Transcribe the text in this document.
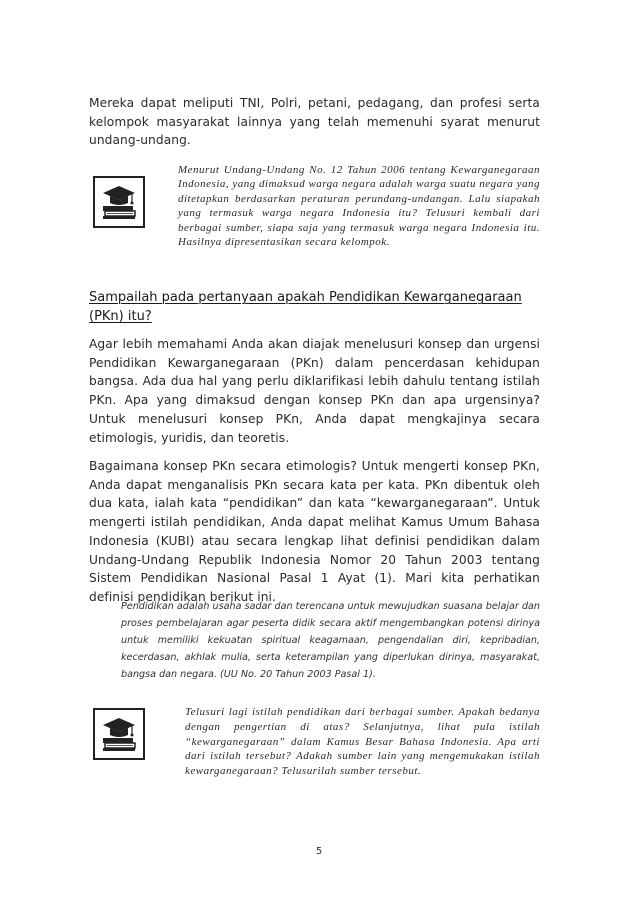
Mereka dapat meliputi TNI, Polri, petani, pedagang, dan profesi serta kelompok masyarakat lainnya yang telah memenuhi syarat menurut undang-undang.

Menurut Undang-Undang No. 12 Tahun 2006 tentang Kewarganegaraan Indonesia, yang dimaksud warga negara adalah warga suatu negara yang ditetapkan berdasarkan peraturan perundang-undangan. Lalu siapakah yang termasuk warga negara Indonesia itu? Telusuri kembali dari berbagai sumber, siapa saja yang termasuk warga negara Indonesia itu. Hasilnya dipresentasikan secara kelompok.

Sampailah pada pertanyaan apakah Pendidikan Kewarganegaraan (PKn) itu?

Agar lebih memahami Anda akan diajak menelusuri konsep dan urgensi Pendidikan Kewarganegaraan (PKn) dalam pencerdasan kehidupan bangsa. Ada dua hal yang perlu diklarifikasi lebih dahulu tentang istilah PKn. Apa yang dimaksud dengan konsep PKn dan apa urgensinya? Untuk menelusuri konsep PKn, Anda dapat mengkajinya secara etimologis, yuridis, dan teoretis.

Bagaimana konsep PKn secara etimologis? Untuk mengerti konsep PKn, Anda dapat menganalisis PKn secara kata per kata. PKn dibentuk oleh dua kata, ialah kata “pendidikan” dan kata “kewarganegaraan”. Untuk mengerti istilah pendidikan, Anda dapat melihat Kamus Umum Bahasa Indonesia (KUBI) atau secara lengkap lihat definisi pendidikan dalam Undang-Undang Republik Indonesia Nomor 20 Tahun 2003 tentang Sistem Pendidikan Nasional Pasal 1 Ayat (1). Mari kita perhatikan definisi pendidikan berikut ini.

Pendidikan adalah usaha sadar dan terencana untuk mewujudkan suasana belajar dan proses pembelajaran agar peserta didik secara aktif mengembangkan potensi dirinya untuk memiliki kekuatan spiritual keagamaan, pengendalian diri, kepribadian, kecerdasan, akhlak mulia, serta keterampilan yang diperlukan dirinya, masyarakat, bangsa dan negara. (UU No. 20 Tahun 2003 Pasal 1).

Telusuri lagi istilah pendidikan dari berbagai sumber. Apakah bedanya dengan pengertian di atas? Selanjutnya, lihat pula istilah “kewarganegaraan” dalam Kamus Besar Bahasa Indonesia. Apa arti dari istilah tersebut? Adakah sumber lain yang mengemukakan istilah kewarganegaraan? Telusurilah sumber tersebut.

5
